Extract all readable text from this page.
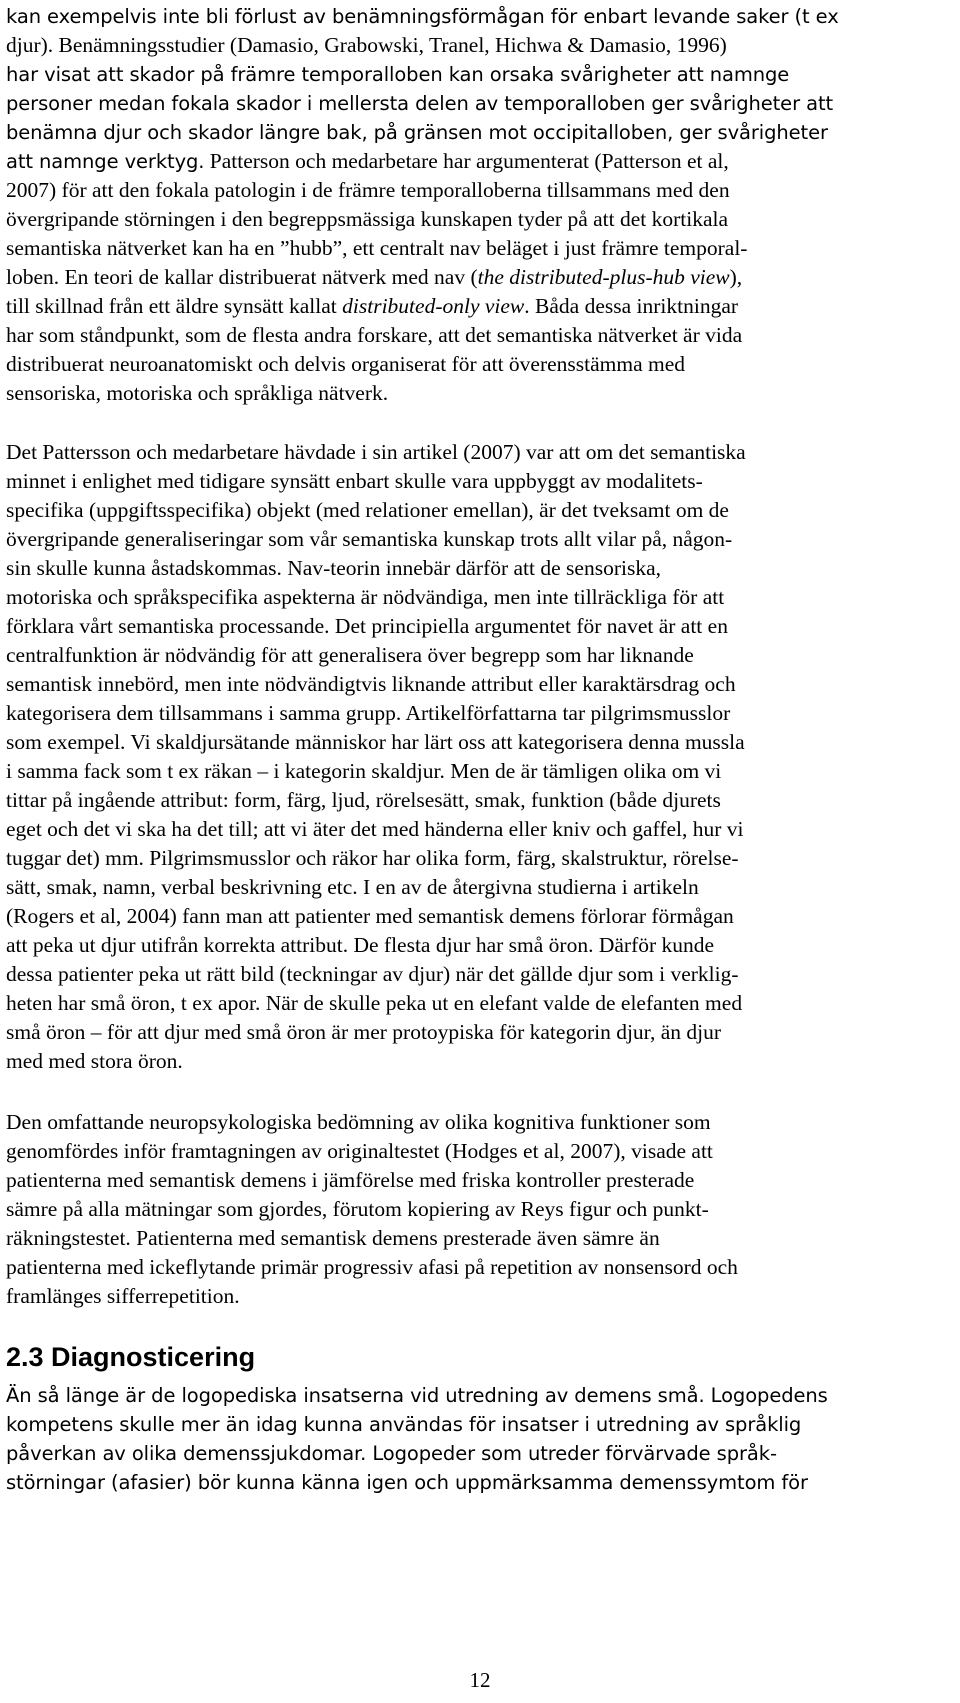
kan exempelvis inte bli förlust av benämningsförmågan för enbart levande saker (t ex
djur). Benämningsstudier (Damasio, Grabowski, Tranel, Hichwa & Damasio, 1996)
har visat att skador på främre temporalloben kan orsaka svårigheter att namnge
personer medan fokala skador i mellersta delen av temporalloben ger svårigheter att
benämna djur och skador längre bak, på gränsen mot occipitalloben, ger svårigheter
att namnge verktyg. Patterson och medarbetare har argumenterat (Patterson et al,
2007) för att den fokala patologin i de främre temporalloberna tillsammans med den
övergripande störningen i den begreppsmässiga kunskapen tyder på att det kortikala
semantiska nätverket kan ha en ”hubb”, ett centralt nav beläget i just främre temporal-
loben. En teori de kallar distribuerat nätverk med nav (the distributed-plus-hub view),
till skillnad från ett äldre synsätt kallat distributed-only view. Båda dessa inriktningar
har som ståndpunkt, som de flesta andra forskare, att det semantiska nätverket är vida
distribuerat neuroanatomiskt och delvis organiserat för att överensstämma med
sensoriska, motoriska och språkliga nätverk.
Det Pattersson och medarbetare hävdade i sin artikel (2007) var att om det semantiska
minnet i enlighet med tidigare synsätt enbart skulle vara uppbyggt av modalitets-
specifika (uppgiftsspecifika) objekt (med relationer emellan), är det tveksamt om de
övergripande generaliseringar som vår semantiska kunskap trots allt vilar på, någon-
sin skulle kunna åstadskommas. Nav-teorin innebär därför att de sensoriska,
motoriska och språkspecifika aspekterna är nödvändiga, men inte tillräckliga för att
förklara vårt semantiska processande. Det principiella argumentet för navet är att en
centralfunktion är nödvändig för att generalisera över begrepp som har liknande
semantisk innebörd, men inte nödvändigtvis liknande attribut eller karaktärsdrag och
kategorisera dem tillsammans i samma grupp. Artikelförfattarna tar pilgrimsmusslor
som exempel. Vi skaldjursätande människor har lärt oss att kategorisera denna mussla
i samma fack som t ex räkan – i kategorin skaldjur. Men de är tämligen olika om vi
tittar på ingående attribut: form, färg, ljud, rörelsesätt, smak, funktion (både djurets
eget och det vi ska ha det till; att vi äter det med händerna eller kniv och gaffel, hur vi
tuggar det) mm. Pilgrimsmusslor och räkor har olika form, färg, skalstruktur, rörelse-
sätt, smak, namn, verbal beskrivning etc. I en av de återgivna studierna i artikeln
(Rogers et al, 2004) fann man att patienter med semantisk demens förlorar förmågan
att peka ut djur utifrån korrekta attribut. De flesta djur har små öron. Därför kunde
dessa patienter peka ut rätt bild (teckningar av djur) när det gällde djur som i verklig-
heten har små öron, t ex apor. När de skulle peka ut en elefant valde de elefanten med
små öron – för att djur med små öron är mer protoypiska för kategorin djur, än djur
med med stora öron.
Den omfattande neuropsykologiska bedömning av olika kognitiva funktioner som
genomfördes inför framtagningen av originaltestet (Hodges et al, 2007), visade att
patienterna med semantisk demens i jämförelse med friska kontroller presterade
sämre på alla mätningar som gjordes, förutom kopiering av Reys figur och punkt-
räkningstestet. Patienterna med semantisk demens presterade även sämre än
patienterna med ickeflytande primär progressiv afasi på repetition av nonsensord och
framlänges sifferrepetition.
2.3 Diagnosticering
Än så länge är de logopediska insatserna vid utredning av demens små. Logopedens
kompetens skulle mer än idag kunna användas för insatser i utredning av språklig
påverkan av olika demenssjukdomar. Logopeder som utreder förvärvade språk-
störningar (afasier) bör kunna känna igen och uppmärksamma demenssymtom för
12
